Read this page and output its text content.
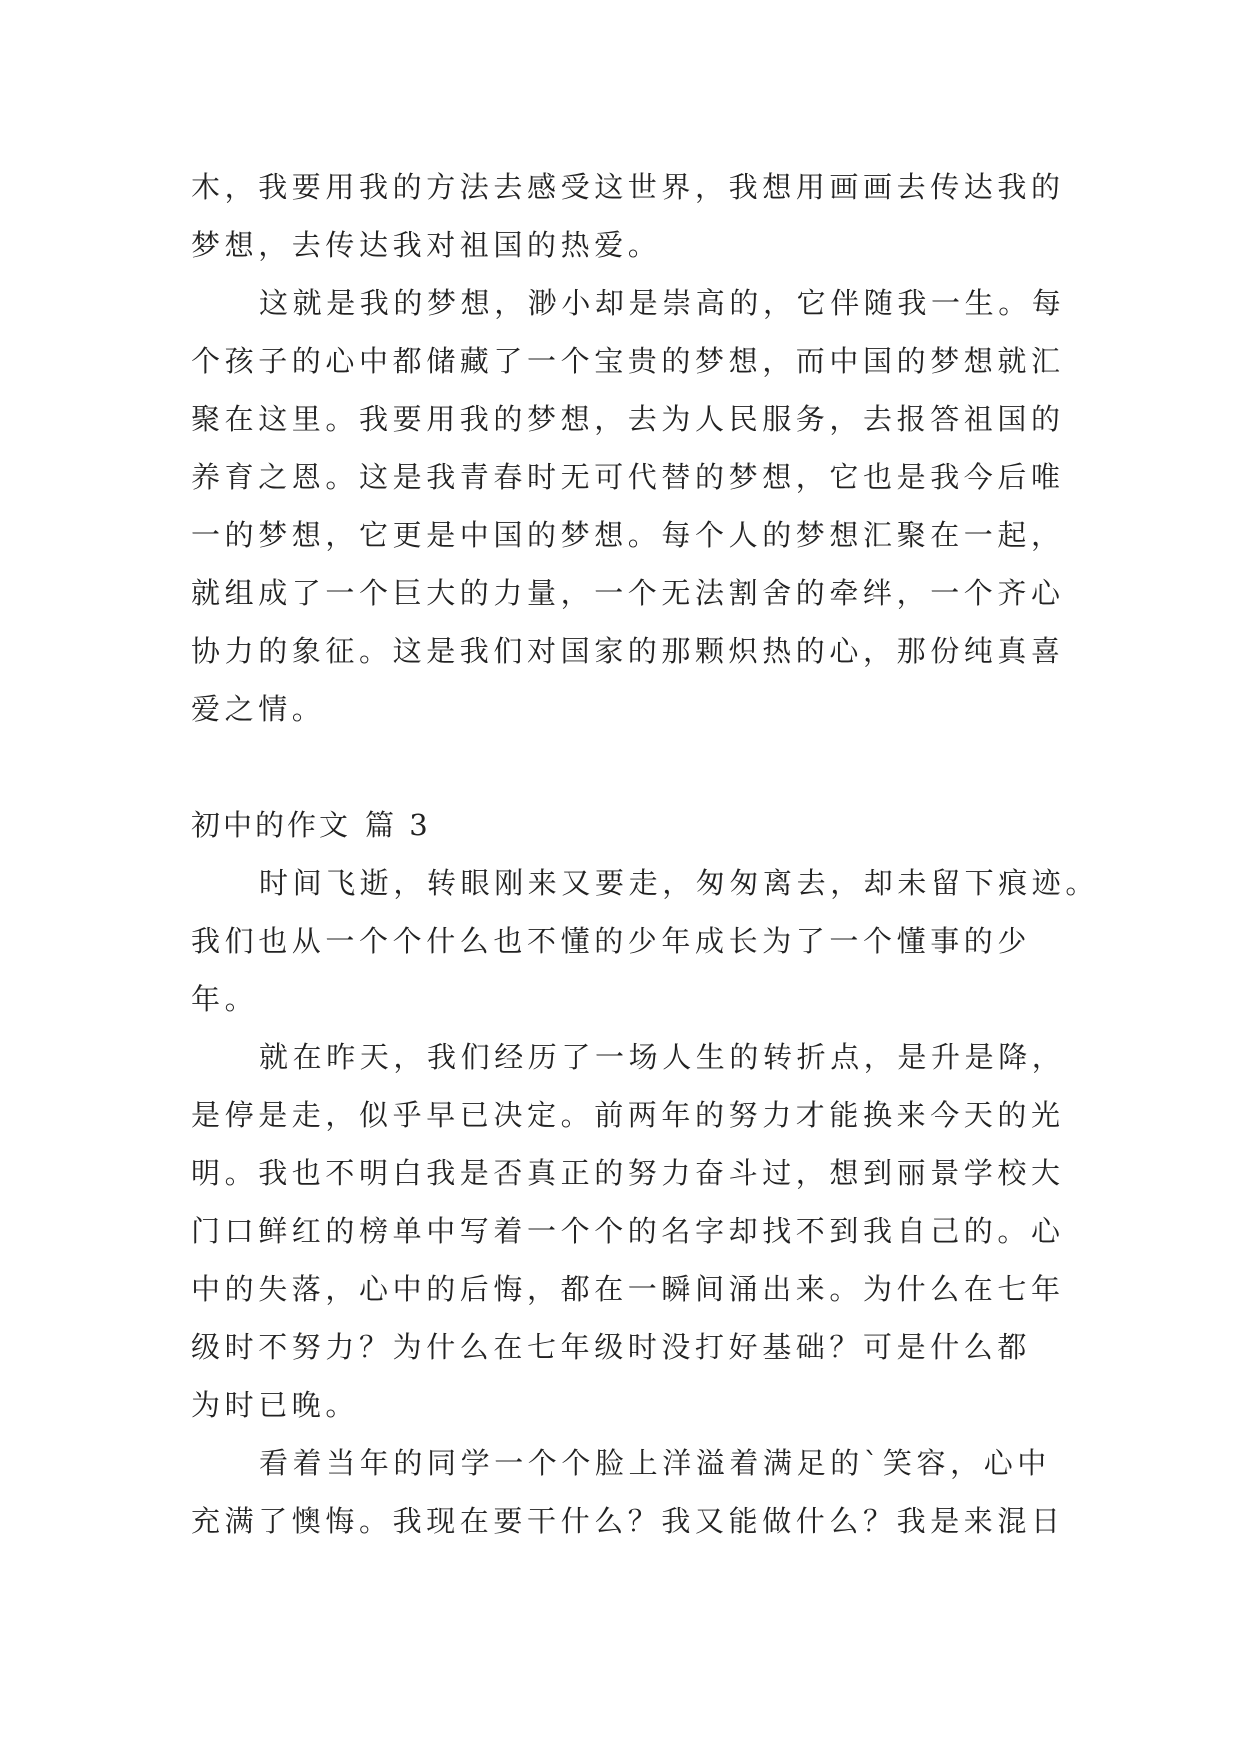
木，我要用我的方法去感受这世界，我想用画画去传达我的

梦想，去传达我对祖国的热爱。

这就是我的梦想，渺小却是崇高的，它伴随我一生。每

个孩子的心中都储藏了一个宝贵的梦想，而中国的梦想就汇

聚在这里。我要用我的梦想，去为人民服务，去报答祖国的

养育之恩。这是我青春时无可代替的梦想，它也是我今后唯

一的梦想，它更是中国的梦想。每个人的梦想汇聚在一起，

就组成了一个巨大的力量，一个无法割舍的牵绊，一个齐心

协力的象征。这是我们对国家的那颗炽热的心，那份纯真喜

爱之情。

初中的作文 篇 3

时间飞逝，转眼刚来又要走，匆匆离去，却未留下痕迹。

我们也从一个个什么也不懂的少年成长为了一个懂事的少

年。

就在昨天，我们经历了一场人生的转折点，是升是降，

是停是走，似乎早已决定。前两年的努力才能换来今天的光

明。我也不明白我是否真正的努力奋斗过，想到丽景学校大

门口鲜红的榜单中写着一个个的名字却找不到我自己的。心

中的失落，心中的后悔，都在一瞬间涌出来。为什么在七年

级时不努力？为什么在七年级时没打好基础？可是什么都

为时已晚。

看着当年的同学一个个脸上洋溢着满足的`笑容，心中

充满了懊悔。我现在要干什么？我又能做什么？我是来混日
